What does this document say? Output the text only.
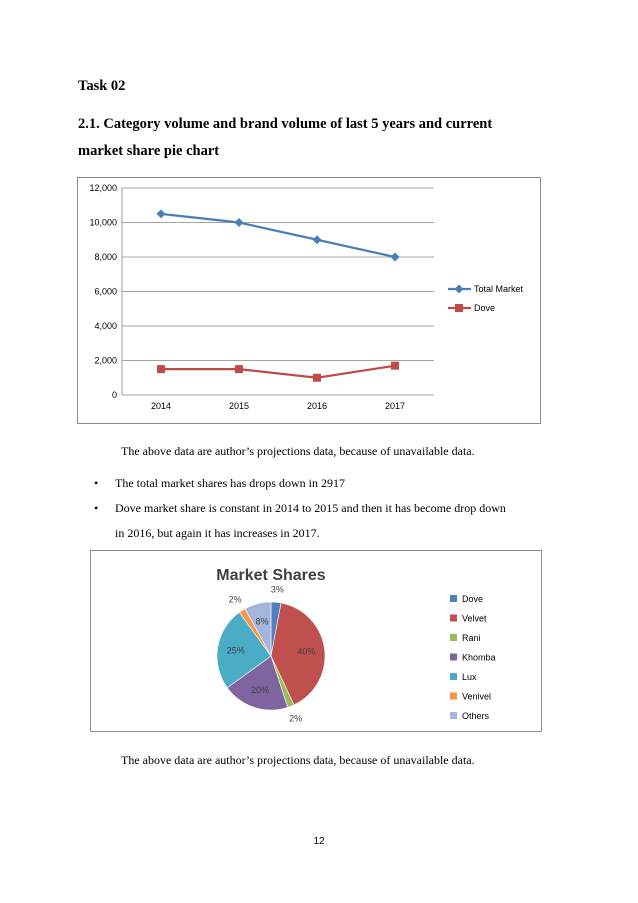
Task 02
2.1. Category volume and brand volume of last 5 years and current
market share pie chart
0
2,000
4,000
6,000
8,000
10,000
12,000
2014	2015	2016	2017
Total Market
Dove
The above data are author’s projections data, because of unavailable data.
• The total market shares has drops down in 2917
• Dove market share is constant in 2014 to 2015 and then it has become drop down
in 2016, but again it has increases in 2017.
Market Shares
3%
40%
2%
20%
25%
2%
8%
Dove
Velvet
Rani
Khomba
Lux
Venivel
Others
The above data are author’s projections data, because of unavailable data.
12
